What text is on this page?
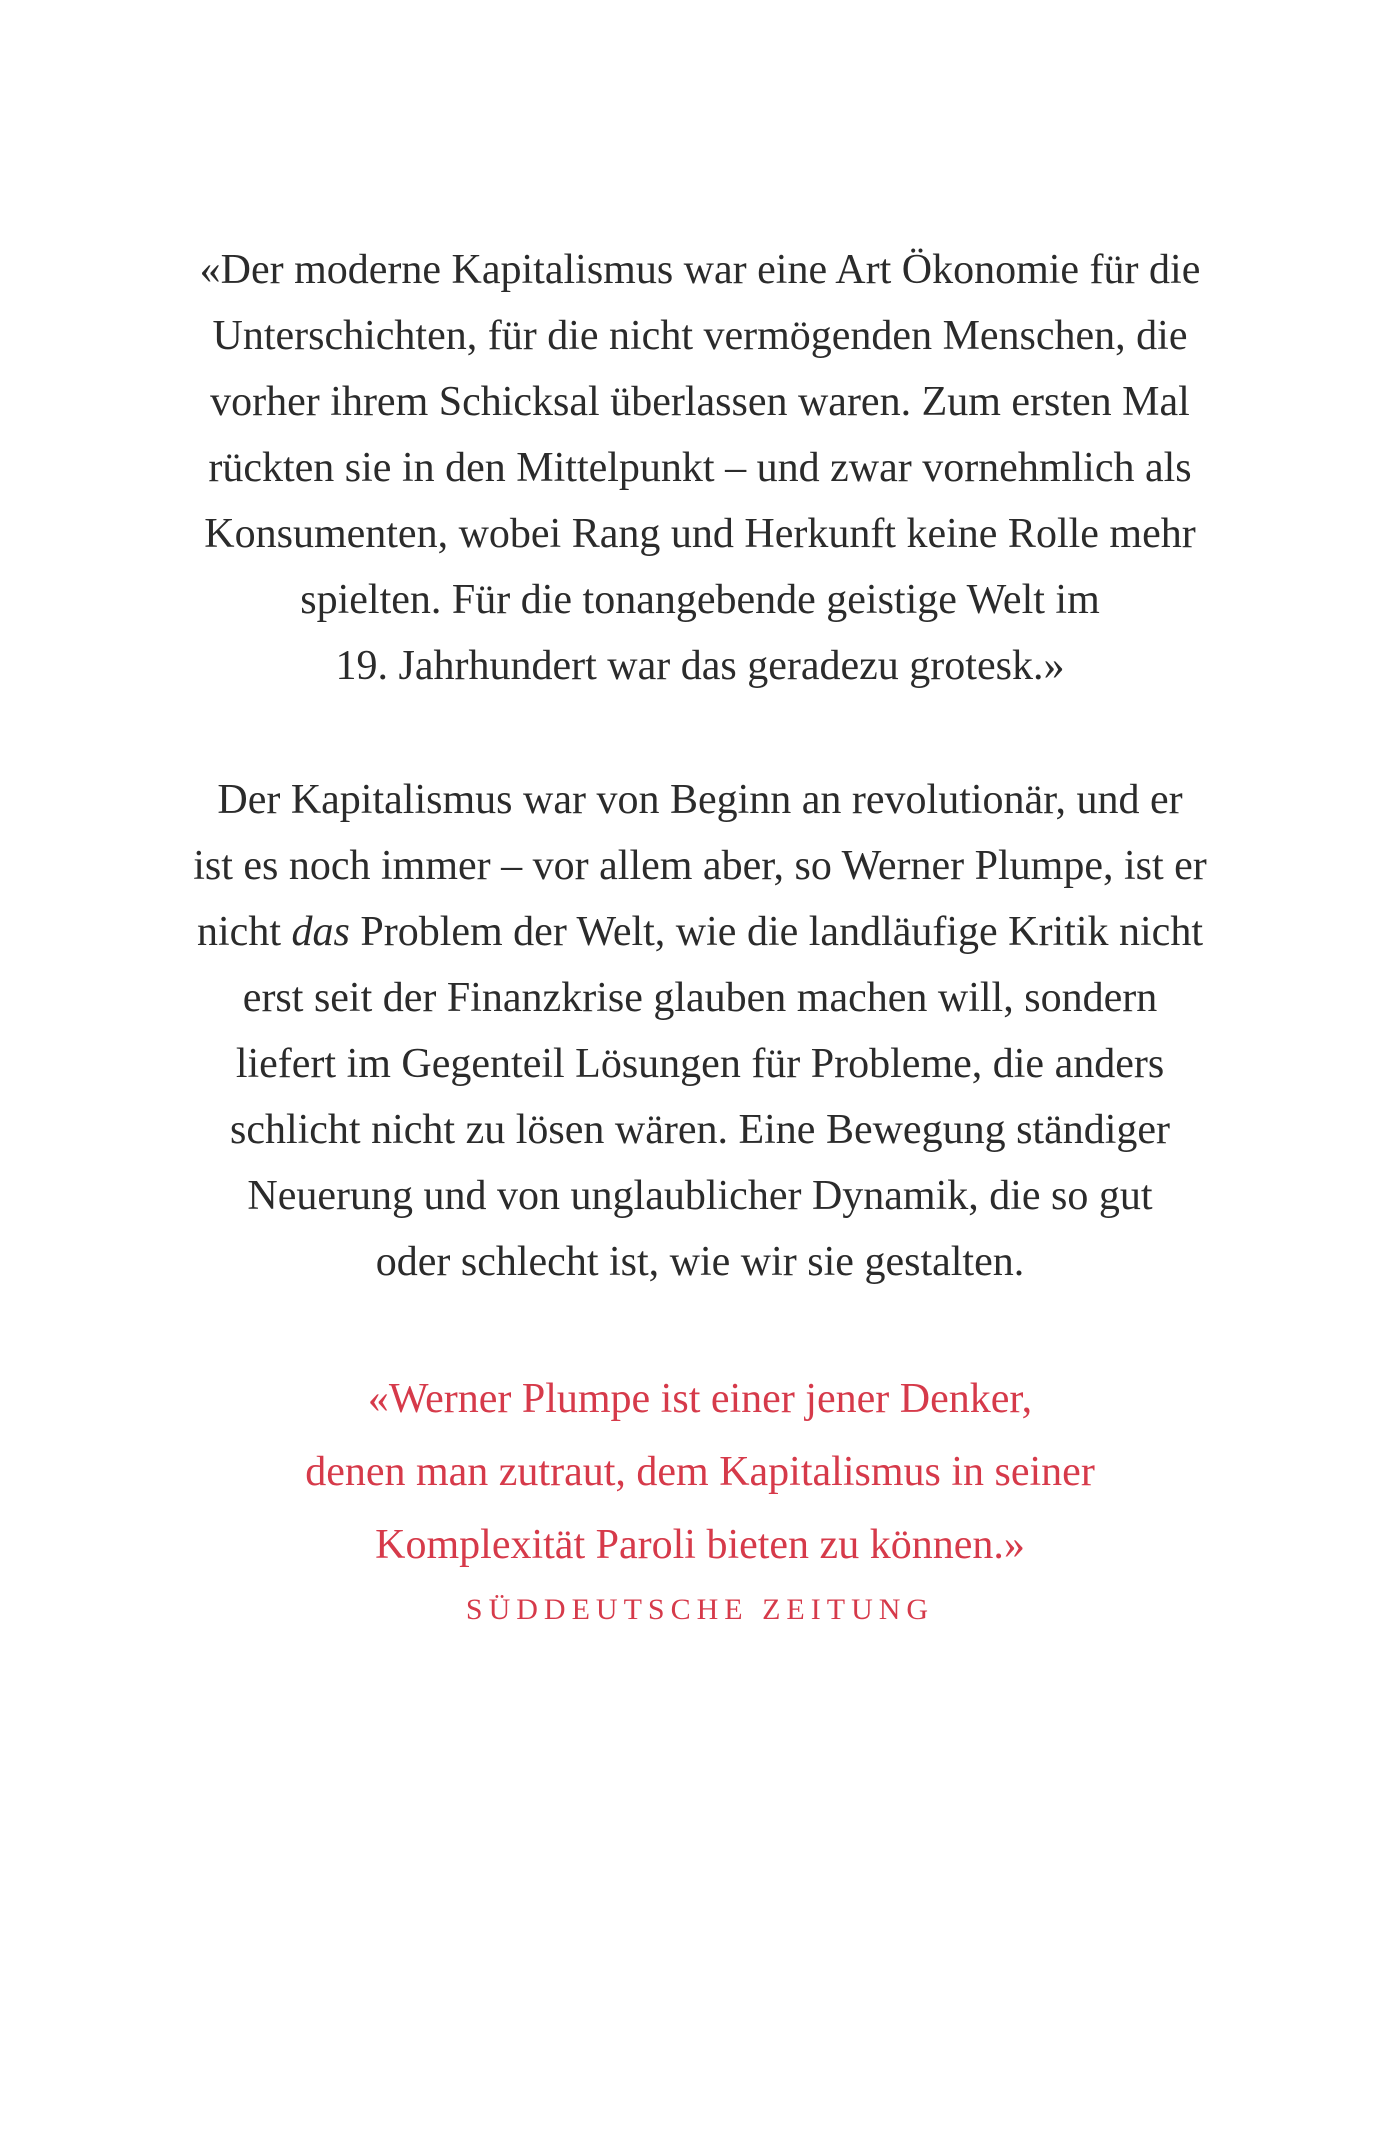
«Der moderne Kapitalismus war eine Art Ökonomie für die
Unterschichten, für die nicht vermögenden Menschen, die
vorher ihrem Schicksal überlassen waren. Zum ersten Mal
rückten sie in den Mittelpunkt – und zwar vornehmlich als
Konsumenten, wobei Rang und Herkunft keine Rolle mehr
spielten. Für die tonangebende geistige Welt im
19. Jahrhundert war das geradezu grotesk.»
Der Kapitalismus war von Beginn an revolutionär, und er
ist es noch immer – vor allem aber, so Werner Plumpe, ist er
nicht das Problem der Welt, wie die landläufige Kritik nicht
erst seit der Finanzkrise glauben machen will, sondern
liefert im Gegenteil Lösungen für Probleme, die anders
schlicht nicht zu lösen wären. Eine Bewegung ständiger
Neuerung und von unglaublicher Dynamik, die so gut
oder schlecht ist, wie wir sie gestalten.
«Werner Plumpe ist einer jener Denker,
denen man zutraut, dem Kapitalismus in seiner
Komplexität Paroli bieten zu können.»
SÜDDEUTSCHE ZEITUNG
